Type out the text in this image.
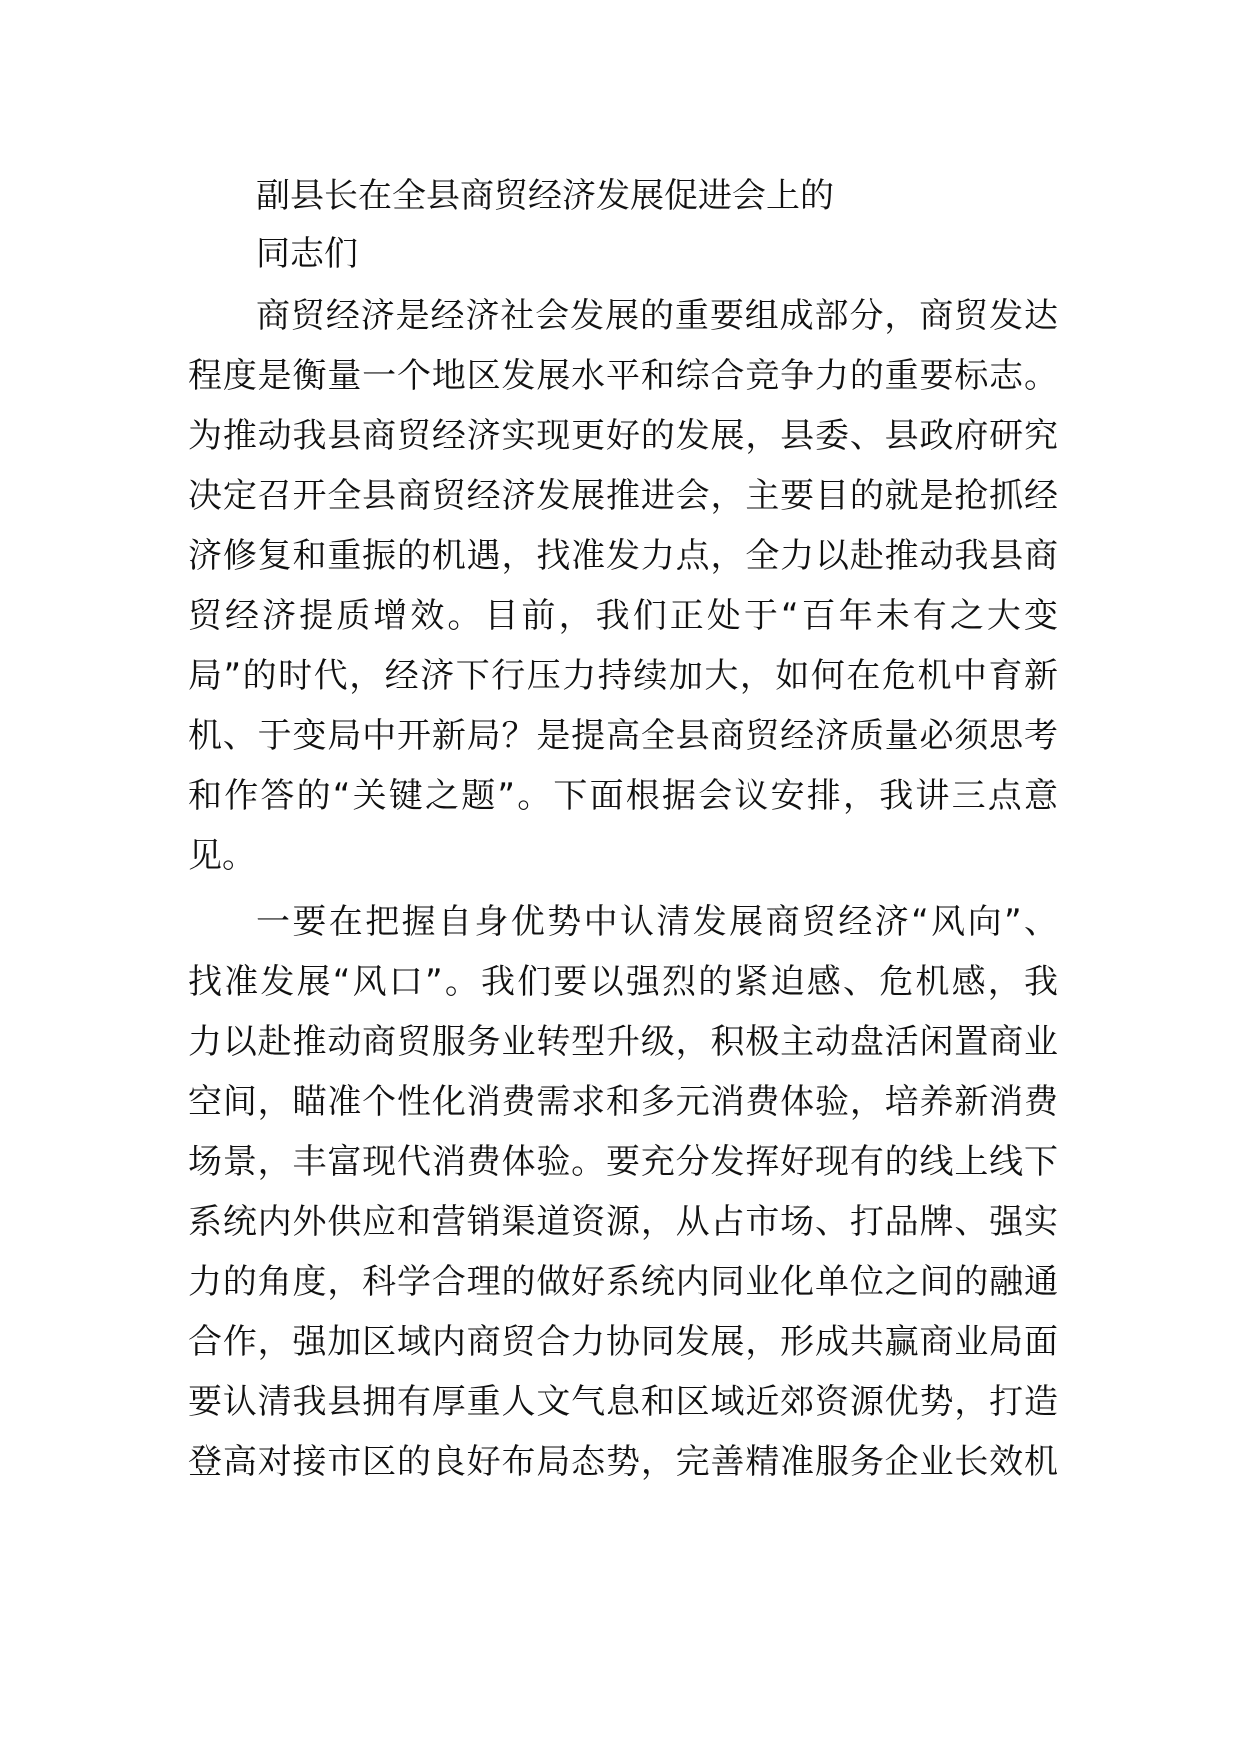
副县长在全县商贸经济发展促进会上的
同志们
商贸经济是经济社会发展的重要组成部分，商贸发达
程度是衡量一个地区发展水平和综合竞争力的重要标志。
为推动我县商贸经济实现更好的发展，县委、县政府研究
决定召开全县商贸经济发展推进会，主要目的就是抢抓经
济修复和重振的机遇，找准发力点，全力以赴推动我县商
贸经济提质增效。目前，我们正处于“百年未有之大变
局”的时代，经济下行压力持续加大，如何在危机中育新
机、于变局中开新局？是提高全县商贸经济质量必须思考
和作答的“关键之题”。下面根据会议安排，我讲三点意
见。
一要在把握自身优势中认清发展商贸经济“风向”、
找准发展“风口”。我们要以强烈的紧迫感、危机感，我
力以赴推动商贸服务业转型升级，积极主动盘活闲置商业
空间，瞄准个性化消费需求和多元消费体验，培养新消费
场景，丰富现代消费体验。要充分发挥好现有的线上线下
系统内外供应和营销渠道资源，从占市场、打品牌、强实
力的角度，科学合理的做好系统内同业化单位之间的融通
合作，强加区域内商贸合力协同发展，形成共赢商业局面
要认清我县拥有厚重人文气息和区域近郊资源优势，打造
登高对接市区的良好布局态势，完善精准服务企业长效机
